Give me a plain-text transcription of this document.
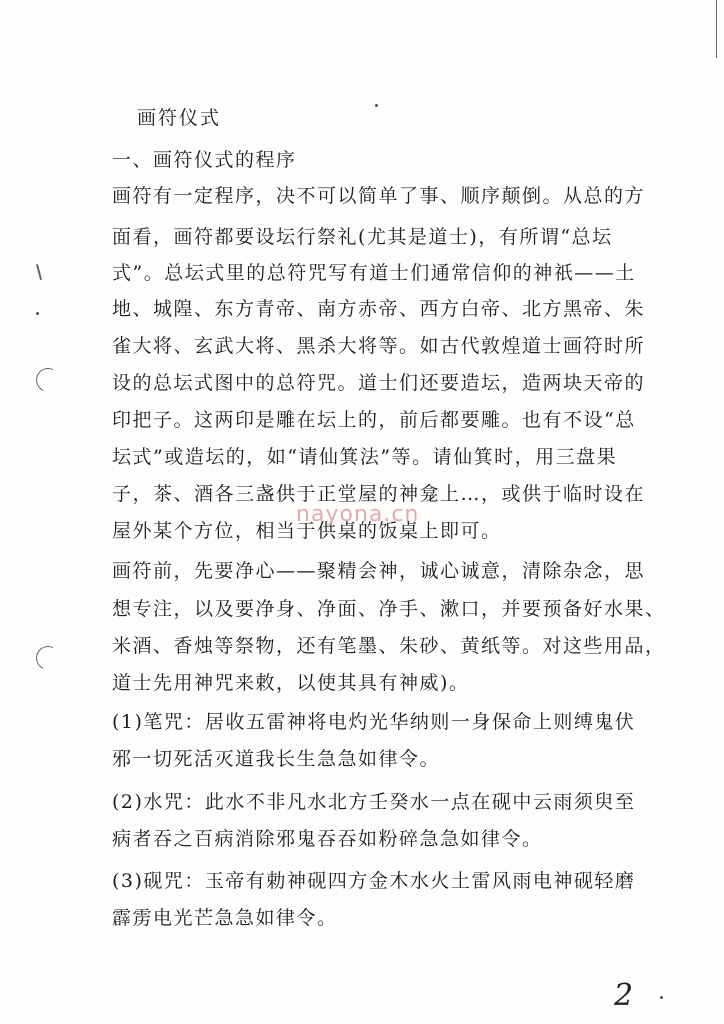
画符仪式
一、画符仪式的程序
画符有一定程序，决不可以简单了事、顺序颠倒。从总的方
面看，画符都要设坛行祭礼(尤其是道士)，有所谓“总坛
式”。总坛式里的总符咒写有道士们通常信仰的神祇——土
地、城隍、东方青帝、南方赤帝、西方白帝、北方黑帝、朱
雀大将、玄武大将、黑杀大将等。如古代敦煌道士画符时所
设的总坛式图中的总符咒。道士们还要造坛，造两块天帝的
印把子。这两印是雕在坛上的，前后都要雕。也有不设“总
坛式”或造坛的，如“请仙箕法”等。请仙箕时，用三盘果
子，茶、酒各三盏供于正堂屋的神龛上…，或供于临时设在
屋外某个方位，相当于供桌的饭桌上即可。
画符前，先要净心——聚精会神，诚心诚意，清除杂念，思
想专注，以及要净身、净面、净手、漱口，并要预备好水果、
米酒、香烛等祭物，还有笔墨、朱砂、黄纸等。对这些用品，
道士先用神咒来敕，以使其具有神威)。
(1)笔咒：居收五雷神将电灼光华纳则一身保命上则缚鬼伏
邪一切死活灭道我长生急急如律令。
(2)水咒：此水不非凡水北方壬癸水一点在砚中云雨须臾至
病者吞之百病消除邪鬼吞吞如粉碎急急如律令。
(3)砚咒：玉帝有勅神砚四方金木水火土雷风雨电神砚轻磨
霹雳电光芒急急如律令。
nayona.cn
2
